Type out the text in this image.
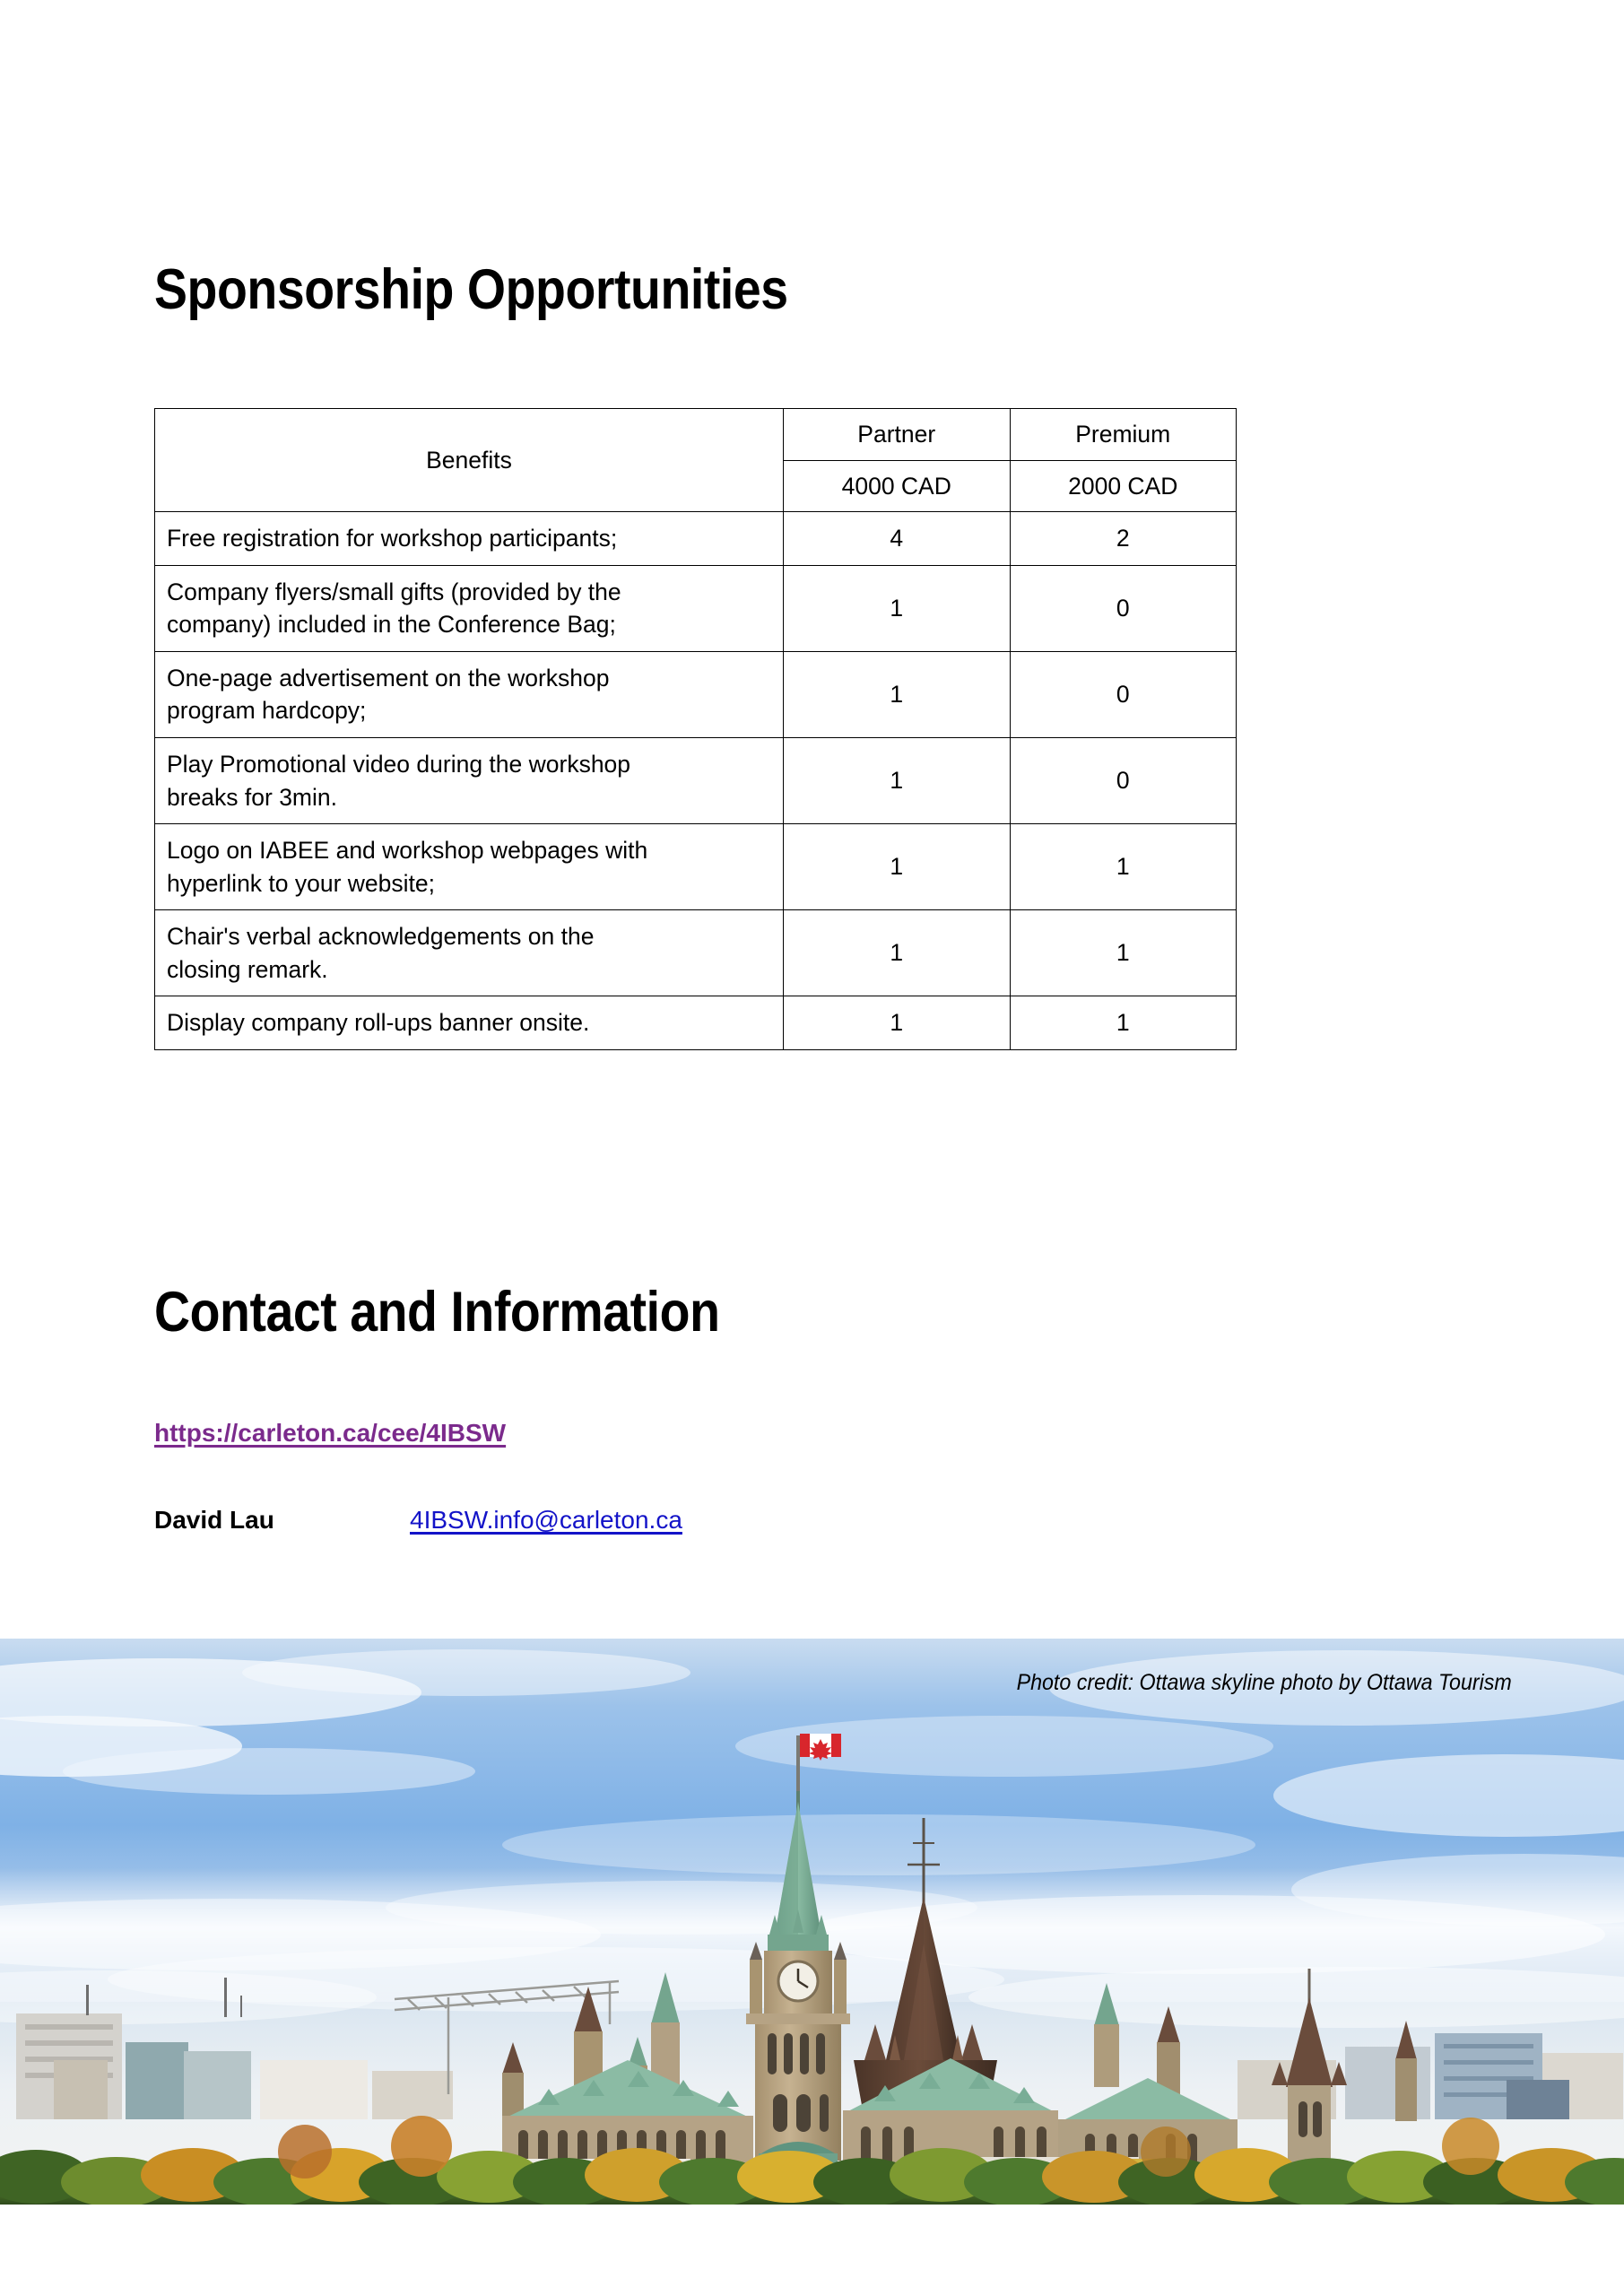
Sponsorship Opportunities
Contact and Information
Benefits	Partner	Premium
	4000 CAD	2000 CAD

Free registration for workshop participants;	4	2

Company flyers/small gifts (provided by the
company) included in the Conference Bag;	1	0

One-page advertisement on the workshop
program hardcopy;	1	0

Play Promotional video during the workshop
breaks for 3min.	1	0

Logo on IABEE and workshop webpages with
hyperlink to your website;	1	1

Chair's verbal acknowledgements on the
closing remark.	1	1

Display company roll-ups banner onsite.	1	1
https://carleton.ca/cee/4IBSW
David Lau	4IBSW.info@carleton.ca
Photo credit: Ottawa skyline photo by Ottawa Tourism
